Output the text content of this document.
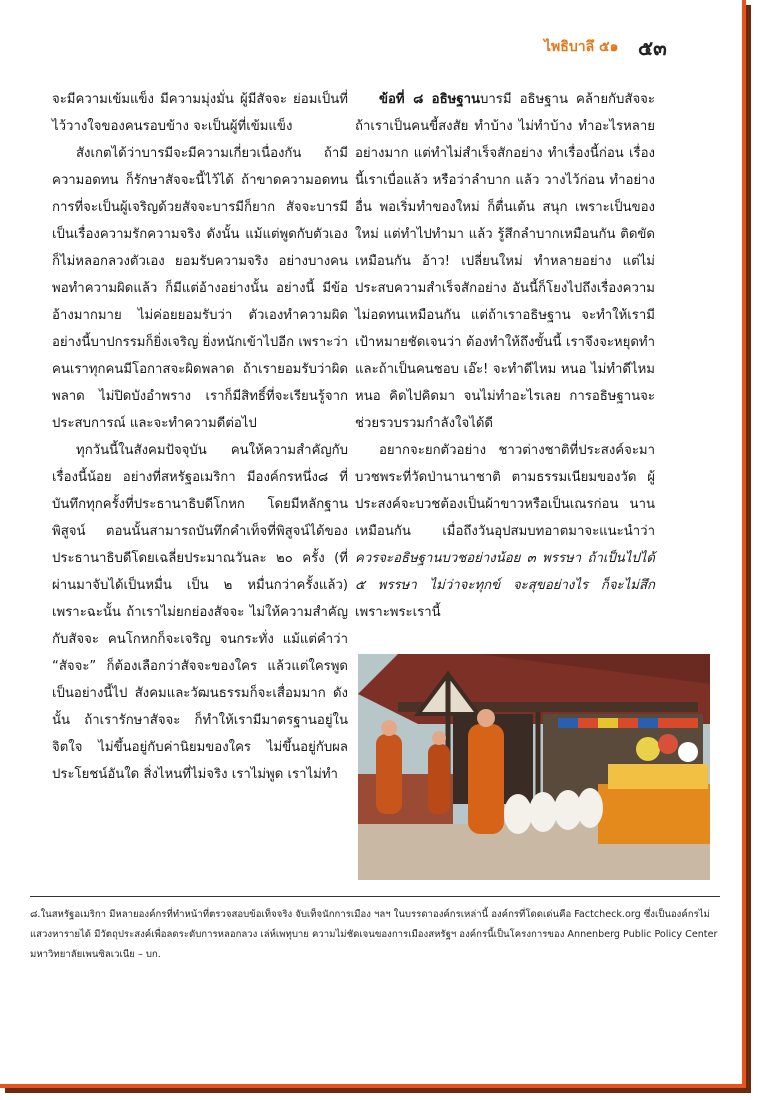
ไพธิบาลึ ๕๑ ๕๓

จะมีความเข้มแข็ง มีความมุ่งมั่น ผู้มีสัจจะ ย่อมเป็นที่ไว้วางใจของคนรอบข้าง จะเป็นผู้ที่เข้มแข็ง

สังเกตได้ว่าบารมีจะมีความเกี่ยวเนื่องกัน ถ้ามีความอดทน ก็รักษาสัจจะนี้ไว้ได้ ถ้าขาดความอดทน การที่จะเป็นผู้เจริญด้วยสัจจะบารมีก็ยาก สัจจะบารมี เป็นเรื่องความรักความจริง ดังนั้น แม้แต่พูดกับตัวเอง ก็ไม่หลอกลวงตัวเอง ยอมรับความจริง อย่างบางคน พอทำความผิดแล้ว ก็มีแต่อ้างอย่างนั้น อย่างนี้ มีข้ออ้างมากมาย ไม่ค่อยยอมรับว่า ตัวเองทำความผิด อย่างนี้บาปกรรมก็ยิ่งเจริญ ยิ่งหนักเข้าไปอีก เพราะว่าคนเราทุกคนมีโอกาสจะผิดพลาด ถ้าเรายอมรับว่าผิดพลาด ไม่ปิดบังอำพราง เราก็มีสิทธิ์ที่จะเรียนรู้จากประสบการณ์ และจะทำความดีต่อไป

ทุกวันนี้ในสังคมปัจจุบัน คนให้ความสำคัญกับเรื่องนี้น้อย อย่างที่สหรัฐอเมริกา มีองค์กรหนึ่ง๘ ที่บันทึกทุกครั้งที่ประธานาธิบดีโกหก โดยมีหลักฐานพิสูจน์ ตอนนั้นสามารถบันทึกคำเท็จที่พิสูจน์ได้ของประธานาธิบดีโดยเฉลี่ยประมาณวันละ ๒๐ ครั้ง (ที่ผ่านมาจับได้เป็นหมื่น เป็น ๒ หมื่นกว่าครั้งแล้ว) เพราะฉะนั้น ถ้าเราไม่ยกย่องสัจจะ ไม่ให้ความสำคัญกับสัจจะ คนโกหกก็จะเจริญ จนกระทั่ง แม้แต่คำว่า “สัจจะ” ก็ต้องเลือกว่าสัจจะของใคร แล้วแต่ใครพูด เป็นอย่างนี้ไป สังคมและวัฒนธรรมก็จะเสื่อมมาก ดังนั้น ถ้าเรารักษาสัจจะ ก็ทำให้เรามีมาตรฐานอยู่ในจิตใจ ไม่ขึ้นอยู่กับค่านิยมของใคร ไม่ขึ้นอยู่กับผลประโยชน์อันใด สิ่งไหนที่ไม่จริง เราไม่พูด เราไม่ทำ

ข้อที่ ๘ อธิษฐานบารมี อธิษฐาน คล้ายกับสัจจะ ถ้าเราเป็นคนขี้สงสัย ทำบ้าง ไม่ทำบ้าง ทำอะไรหลายอย่างมาก แต่ทำไม่สำเร็จสักอย่าง ทำเรื่องนี้ก่อน เรื่องนี้เราเบื่อแล้ว หรือว่าลำบาก แล้ว วางไว้ก่อน ทำอย่างอื่น พอเริ่มทำของใหม่ ก็ตื่นเต้น สนุก เพราะเป็นของใหม่ แต่ทำไปทำมา แล้ว รู้สึกลำบากเหมือนกัน ติดขัดเหมือนกัน อ้าว! เปลี่ยนใหม่ ทำหลายอย่าง แต่ไม่ประสบความสำเร็จสักอย่าง อันนี้ก็โยงไปถึงเรื่องความไม่อดทนเหมือนกัน แต่ถ้าเราอธิษฐาน จะทำให้เรามีเป้าหมายชัดเจนว่า ต้องทำให้ถึงขั้นนี้ เราจึงจะหยุดทำ และถ้าเป็นคนชอบ เอ๊ะ! จะทำดีไหม หนอ ไม่ทำดีไหมหนอ คิดไปคิดมา จนไม่ทำอะไรเลย การอธิษฐานจะช่วยรวบรวมกำลังใจได้ดี

อยากจะยกตัวอย่าง ชาวต่างชาติที่ประสงค์จะมาบวชพระที่วัดป่านานาชาติ ตามธรรมเนียมของวัด ผู้ประสงค์จะบวชต้องเป็นผ้าขาวหรือเป็นเณรก่อน นานเหมือนกัน เมื่อถึงวันอุปสมบทอาตมาจะแนะนำว่า ควรจะอธิษฐานบวชอย่างน้อย ๓ พรรษา ถ้าเป็นไปได้ ๕ พรรษา ไม่ว่าจะทุกข์ จะสุขอย่างไร ก็จะไม่สึก เพราะพระเรานี้

๘.ในสหรัฐอเมริกา มีหลายองค์กรที่ทำหน้าที่ตรวจสอบข้อเท็จจริง จับเท็จนักการเมือง ฯลฯ ในบรรดาองค์กรเหล่านี้ องค์กรที่โดดเด่นคือ Factcheck.org ซึ่งเป็นองค์กรไม่แสวงหารายได้ มีวัตถุประสงค์เพื่อลดระดับการหลอกลวง เล่ห์เพทุบาย ความไม่ชัดเจนของการเมืองสหรัฐฯ องค์กรนี้เป็นโครงการของ Annenberg Public Policy Center มหาวิทยาลัยเพนซิลเวเนีย – บก.
